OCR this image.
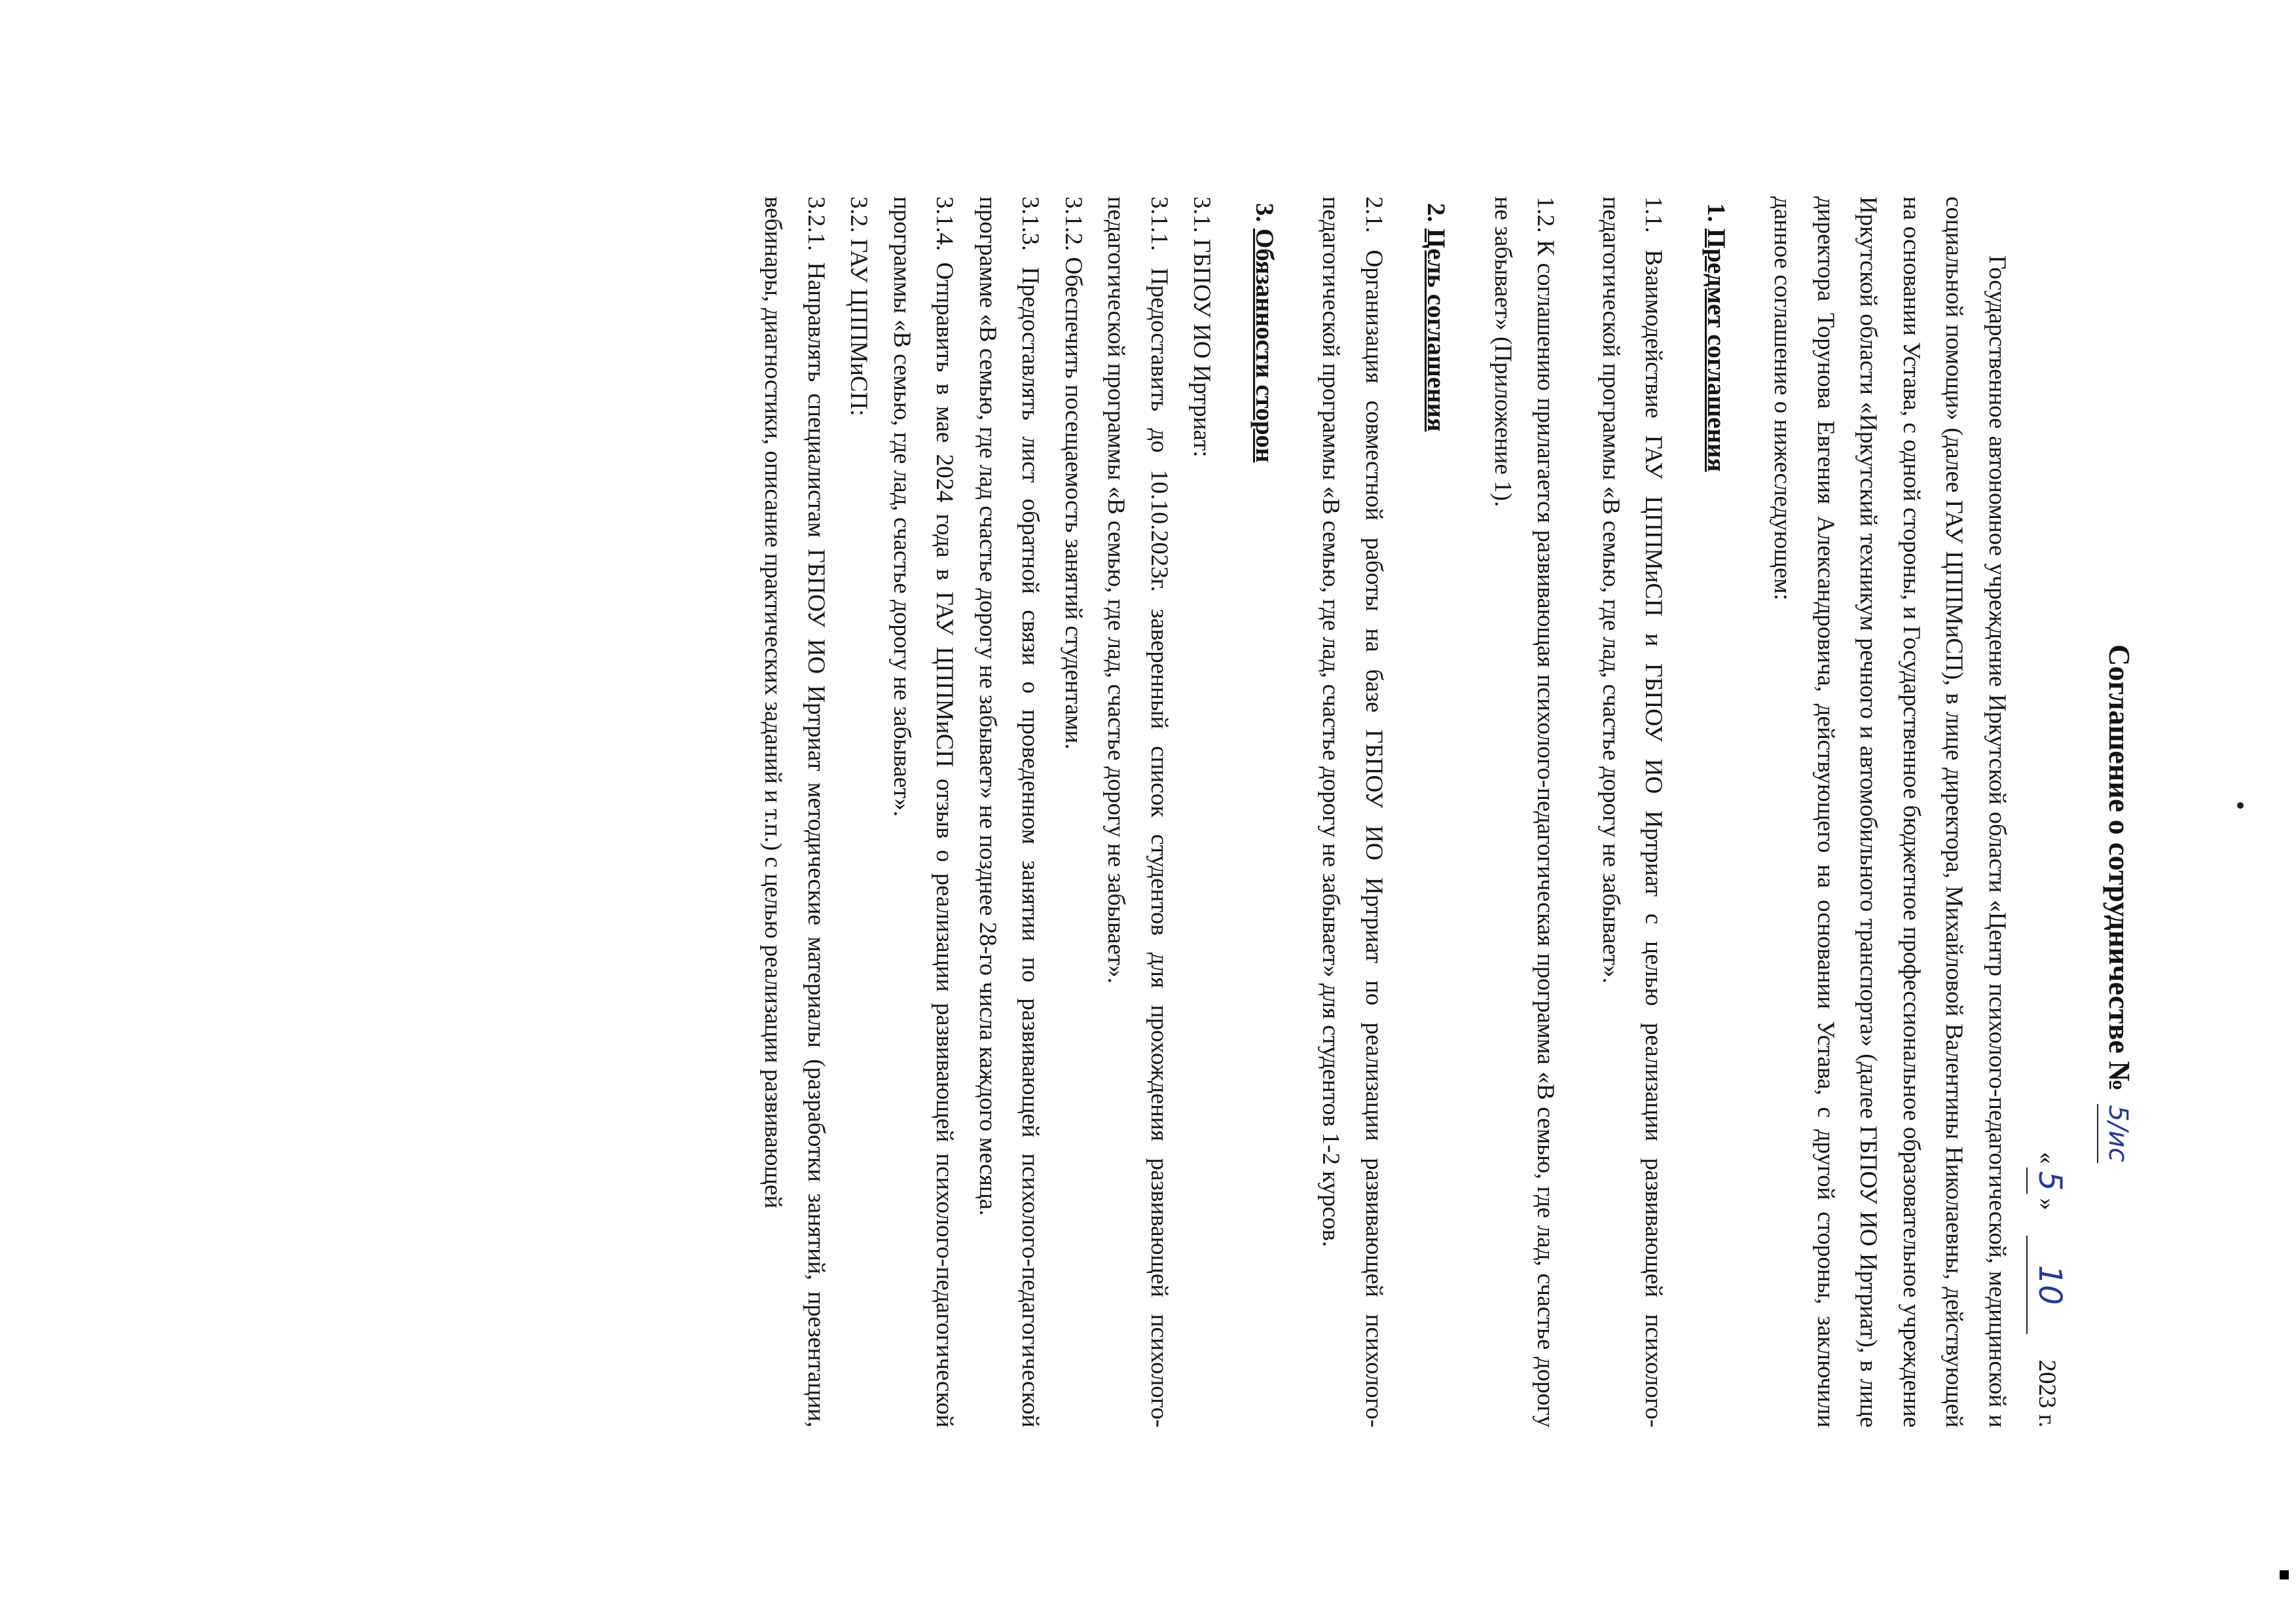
Соглашение о сотрудничестве № 5/ис
«5» 10 2023 г.

Государственное автономное учреждение Иркутской области «Центр психолого-педагогической, медицинской и социальной помощи» (далее ГАУ ЦППМиСП), в лице директора, Михайловой Валентины Николаевны, действующей на основании Устава, с одной стороны, и Государственное бюджетное профессиональное образовательное учреждение Иркутской области «Иркутский техникум речного и автомобильного транспорта» (далее ГБПОУ ИО Иртриат), в лице директора Торунова Евгения Александровича, действующего на основании Устава, с другой стороны, заключили данное соглашение о нижеследующем:

1. Предмет соглашения

1.1. Взаимодействие ГАУ ЦППМиСП и ГБПОУ ИО Иртриат с целью реализации развивающей психолого-педагогической программы «В семью, где лад, счастье дорогу не забывает».

1.2. К соглашению прилагается развивающая психолого-педагогическая программа «В семью, где лад, счастье дорогу не забывает» (Приложение 1).

2. Цель соглашения

2.1. Организация совместной работы на базе ГБПОУ ИО Иртриат по реализации развивающей психолого-педагогической программы «В семью, где лад, счастье дорогу не забывает» для студентов 1-2 курсов.

3. Обязанности сторон

3.1. ГБПОУ ИО Иртриат:

3.1.1. Предоставить до 10.10.2023г. заверенный список студентов для прохождения развивающей психолого-педагогической программы «В семью, где лад, счастье дорогу не забывает».

3.1.2. Обеспечить посещаемость занятий студентами.

3.1.3. Предоставлять лист обратной связи о проведенном занятии по развивающей психолого-педагогической программе «В семью, где лад счастье дорогу не забывает» не позднее 28-го числа каждого месяца.

3.1.4. Отправить в мае 2024 года в ГАУ ЦППМиСП отзыв о реализации развивающей психолого-педагогической программы «В семью, где лад, счастье дорогу не забывает».

3.2. ГАУ ЦППМиСП:

3.2.1. Направлять специалистам ГБПОУ ИО Иртриат методические материалы (разработки занятий, презентации, вебинары, диагностики, описание практических заданий и т.п.) с целью реализации развивающей
